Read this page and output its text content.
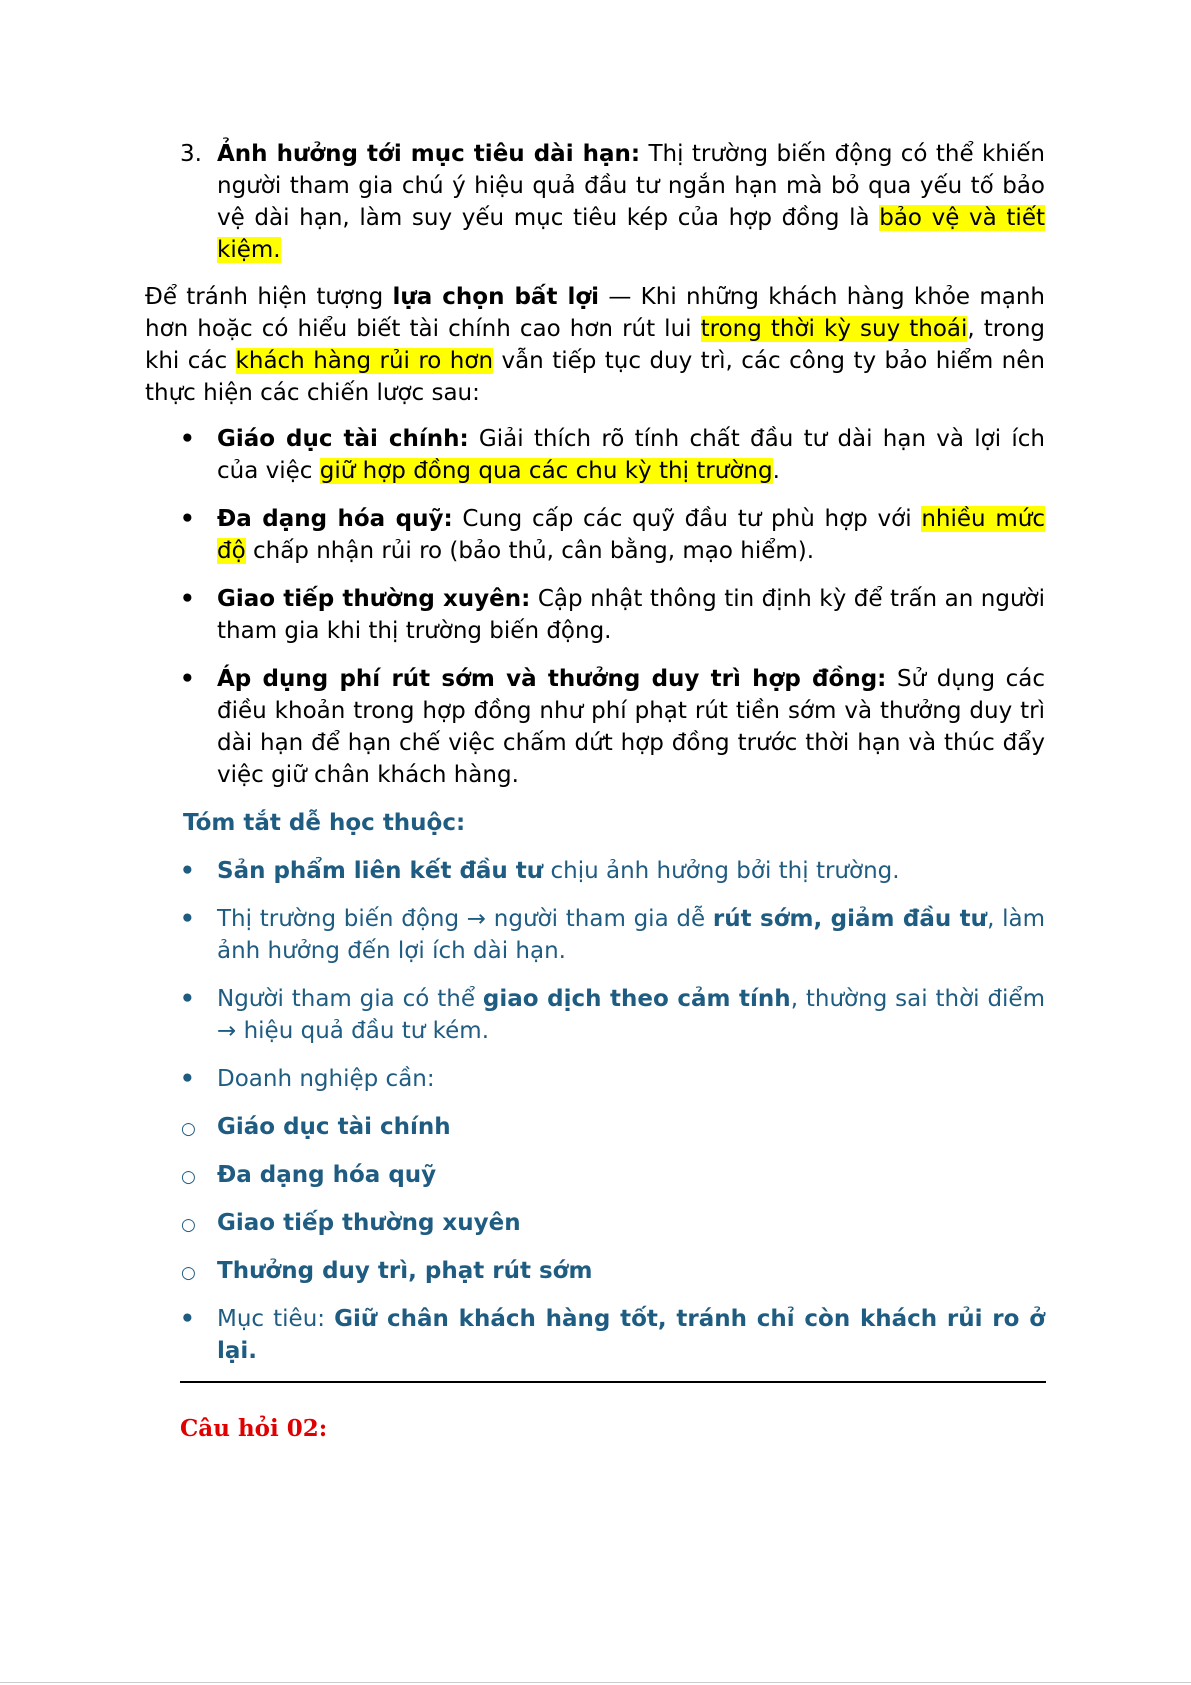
3. Ảnh hưởng tới mục tiêu dài hạn: Thị trường biến động có thể khiến người tham gia chú ý hiệu quả đầu tư ngắn hạn mà bỏ qua yếu tố bảo vệ dài hạn, làm suy yếu mục tiêu kép của hợp đồng là bảo vệ và tiết kiệm.

Để tránh hiện tượng lựa chọn bất lợi — Khi những khách hàng khỏe mạnh hơn hoặc có hiểu biết tài chính cao hơn rút lui trong thời kỳ suy thoái, trong khi các khách hàng rủi ro hơn vẫn tiếp tục duy trì, các công ty bảo hiểm nên thực hiện các chiến lược sau:

• Giáo dục tài chính: Giải thích rõ tính chất đầu tư dài hạn và lợi ích của việc giữ hợp đồng qua các chu kỳ thị trường.
• Đa dạng hóa quỹ: Cung cấp các quỹ đầu tư phù hợp với nhiều mức độ chấp nhận rủi ro (bảo thủ, cân bằng, mạo hiểm).
• Giao tiếp thường xuyên: Cập nhật thông tin định kỳ để trấn an người tham gia khi thị trường biến động.
• Áp dụng phí rút sớm và thưởng duy trì hợp đồng: Sử dụng các điều khoản trong hợp đồng như phí phạt rút tiền sớm và thưởng duy trì dài hạn để hạn chế việc chấm dứt hợp đồng trước thời hạn và thúc đẩy việc giữ chân khách hàng.

Tóm tắt dễ học thuộc:

• Sản phẩm liên kết đầu tư chịu ảnh hưởng bởi thị trường.
• Thị trường biến động → người tham gia dễ rút sớm, giảm đầu tư, làm ảnh hưởng đến lợi ích dài hạn.
• Người tham gia có thể giao dịch theo cảm tính, thường sai thời điểm → hiệu quả đầu tư kém.
• Doanh nghiệp cần:
○ Giáo dục tài chính
○ Đa dạng hóa quỹ
○ Giao tiếp thường xuyên
○ Thưởng duy trì, phạt rút sớm
• Mục tiêu: Giữ chân khách hàng tốt, tránh chỉ còn khách rủi ro ở lại.
Câu hỏi 02:
